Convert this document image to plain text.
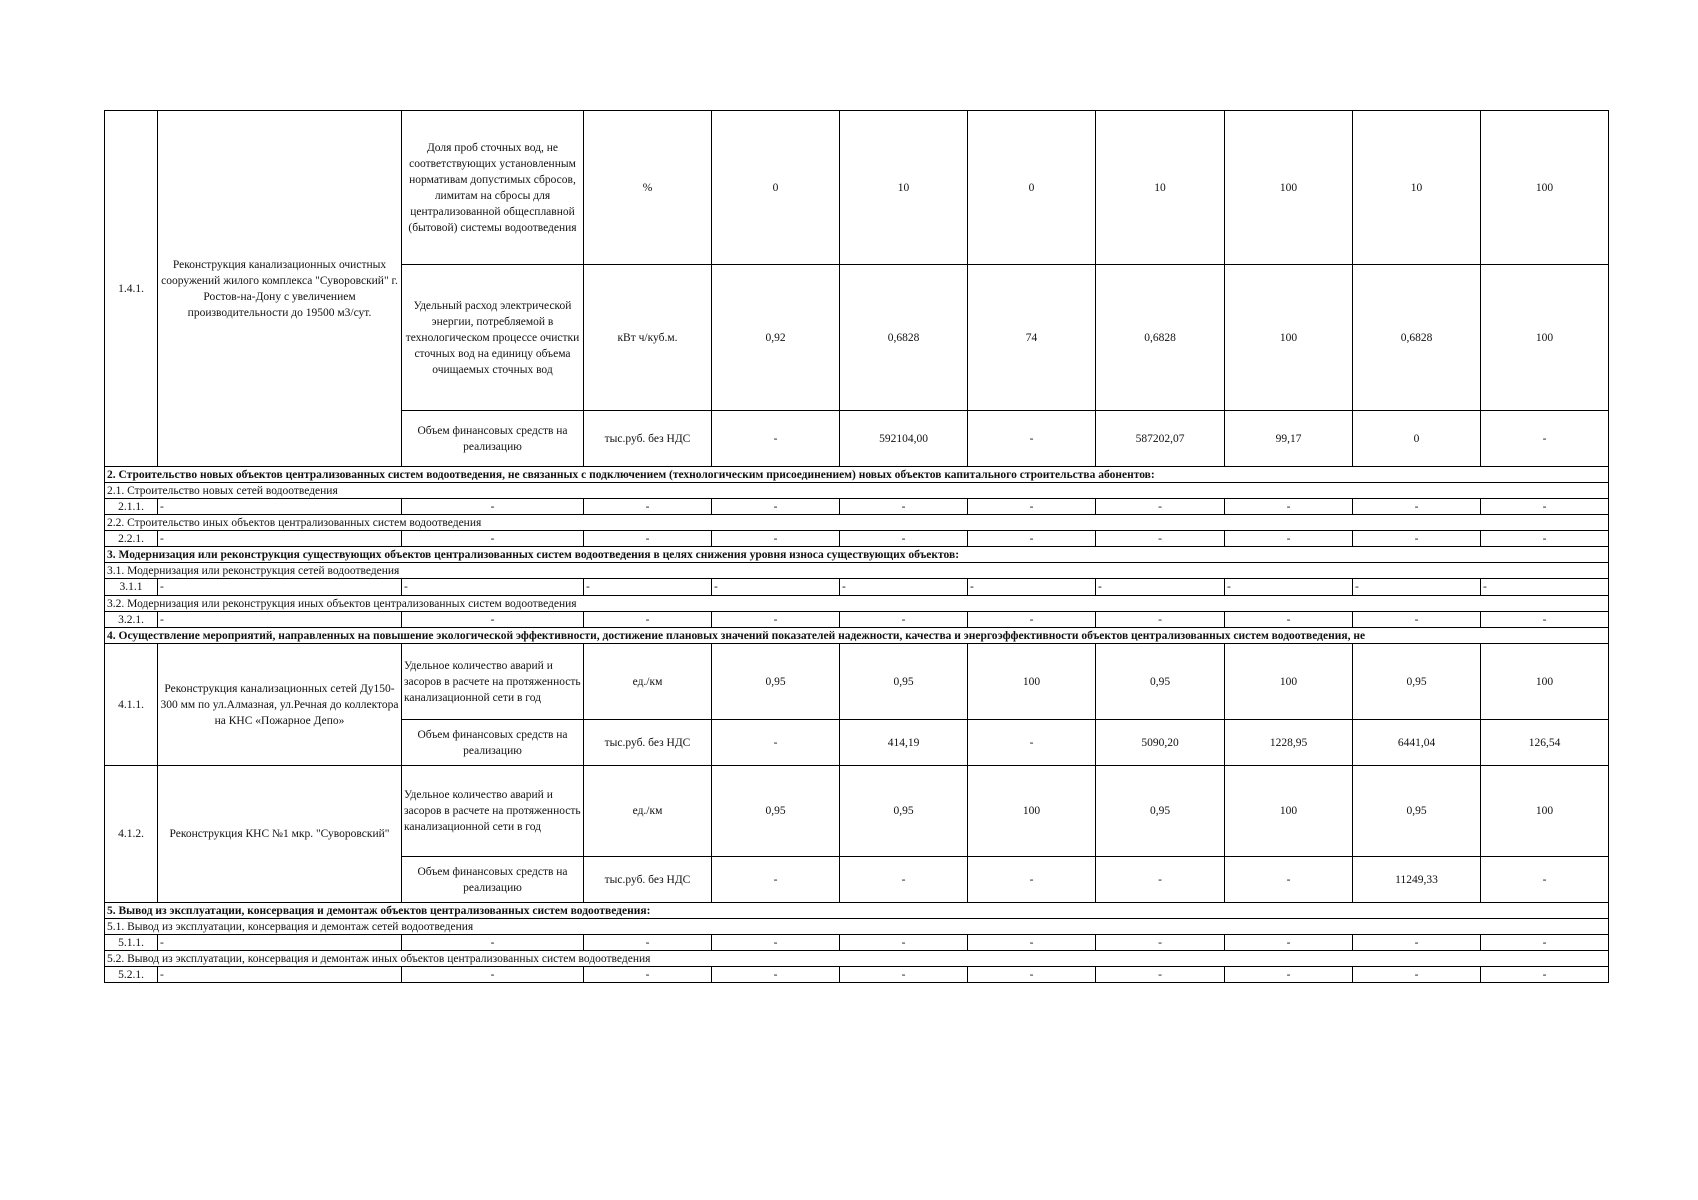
1.4.1.	Реконструкция канализационных очистных сооружений жилого комплекса "Суворовский" г. Ростов-на-Дону с увеличением производительности до 19500 м3/сут.	Доля проб сточных вод, не соответствующих установленным нормативам допустимых сбросов, лимитам на сбросы для централизованной общесплавной (бытовой) системы водоотведения	%	0	10	0	10	100	10	100
		Удельный расход электрической энергии, потребляемой в технологическом процессе очистки сточных вод на единицу объема очищаемых сточных вод	кВт ч/куб.м.	0,92	0,6828	74	0,6828	100	0,6828	100
		Объем финансовых средств на реализацию	тыс.руб. без НДС	-	592104,00	-	587202,07	99,17	0	-
2. Строительство новых объектов централизованных систем водоотведения, не связанных с подключением (технологическим присоединением) новых объектов капитального строительства абонентов:										
2.1. Строительство новых сетей водоотведения										
2.1.1.	-	-	-	-	-	-	-	-	-	-
2.2. Строительство иных объектов централизованных систем водоотведения										
2.2.1.	-	-	-	-	-	-	-	-	-	-
3. Модернизация или реконструкция существующих объектов централизованных систем водоотведения в целях снижения уровня износа существующих объектов:										
3.1. Модернизация или реконструкция сетей водоотведения										
3.1.1	-	-	-	-	-	-	-	-	-	-
3.2. Модернизация или реконструкция иных объектов централизованных систем водоотведения										
3.2.1.	-	-	-	-	-	-	-	-	-	-
4. Осуществление мероприятий, направленных на повышение экологической эффективности, достижение плановых значений показателей надежности, качества и энергоэффективности объектов централизованных систем водоотведения, не										
4.1.1.	Реконструкция канализационных сетей Ду150-300 мм по ул.Алмазная, ул.Речная до коллектора на КНС «Пожарное Депо»	Удельное количество аварий и засоров в расчете на протяженность канализационной сети в год	ед./км	0,95	0,95	100	0,95	100	0,95	100
		Объем финансовых средств на реализацию	тыс.руб. без НДС	-	414,19	-	5090,20	1228,95	6441,04	126,54
4.1.2.	Реконструкция КНС №1 мкр. "Суворовский"	Удельное количество аварий и засоров в расчете на протяженность канализационной сети в год	ед./км	0,95	0,95	100	0,95	100	0,95	100
		Объем финансовых средств на реализацию	тыс.руб. без НДС	-	-	-	-	-	11249,33	-
5. Вывод из эксплуатации, консервация и демонтаж объектов централизованных систем водоотведения:										
5.1. Вывод из эксплуатации, консервация и демонтаж сетей водоотведения										
5.1.1.	-	-	-	-	-	-	-	-	-	-
5.2. Вывод из эксплуатации, консервация и демонтаж иных объектов централизованных систем водоотведения										
5.2.1.	-	-	-	-	-	-	-	-	-	-
